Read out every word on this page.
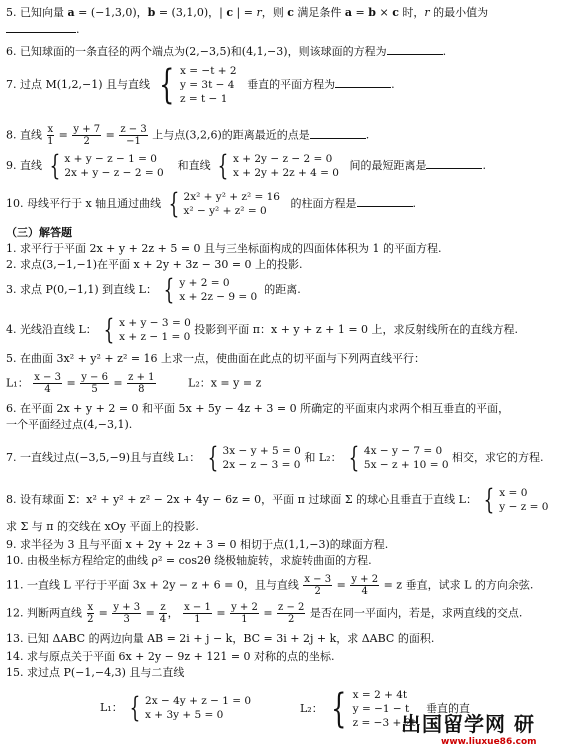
5. 已知向量 a = (−1,3,0)，b = (3,1,0)，| c | = r，则 c 满足条件 a = b × c 时，r 的最小值为
.
6. 已知球面的一条直径的两个端点为(2,−3,5)和(4,1,−3)，则该球面的方程为	.
7. 过点 M(1,2,−1) 且与直线 { x = −t + 2
y = 3t − 4
z = t − 1
垂直的平面方程为	.
8. 直线 $\frac{x}{1} = \frac{y + 7}{2} = \frac{z - 3}{-1}$ 上与点(3,2,6)的距离最近的点是	.
9. 直线 { x + y − z − 1 = 0
2x + y − z − 2 = 0
和直线 { x + 2y − z − 2 = 0
x + 2y + 2z + 4 = 0
间的最短距离是	.
10. 母线平行于 x 轴且通过曲线 { 2x² + y² + z² = 16
x² − y² + z² = 0
的柱面方程是	.
（三）解答题
1. 求平行于平面 2x + y + 2z + 5 = 0 且与三坐标面构成的四面体体积为 1 的平面方程.
2. 求点(3,−1,−1)在平面 x + 2y + 3z − 30 = 0 上的投影.
3. 求点 P(0,−1,1) 到直线 L： { y + 2 = 0
x + 2z − 9 = 0
的距离.
4. 光线沿直线 L： { x + y − 3 = 0
x + z − 1 = 0
投影到平面 π：x + y + z + 1 = 0 上，求反射线所在的直线方程.
5. 在曲面 3x² + y² + z² = 16 上求一点，使曲面在此点的切平面与下列两直线平行：
L₁： $\frac{x - 3}{4} = \frac{y - 6}{5} = \frac{z + 1}{8}$	L₂：x = y = z
6. 在平面 2x + y + 2 = 0 和平面 5x + 5y − 4z + 3 = 0 所确定的平面束内求两个相互垂直的平面，
一个平面经过点(4,−3,1).
7. 一直线过点(−3,5,−9)且与直线 L₁： { 3x − y + 5 = 0
2x − z − 3 = 0
和 L₂： { 4x − y − 7 = 0
5x − z + 10 = 0
相交，求它的方程.
8. 设有球面 Σ：x² + y² + z² − 2x + 4y − 6z = 0，平面 π 过球面 Σ 的球心且垂直于直线 L： { x = 0
y − z = 0
求 Σ 与 π 的交线在 xOy 平面上的投影.
9. 求半径为 3 且与平面 x + 2y + 2z + 3 = 0 相切于点(1,1,−3)的球面方程.
10. 由极坐标方程给定的曲线 ρ² = cos2θ 绕极轴旋转，求旋转曲面的方程.
11. 一直线 L 平行于平面 3x + 2y − z + 6 = 0，且与直线 $\frac{x - 3}{2} = \frac{y + 2}{4} = z$ 垂直，试求 L 的方向余弦.
12. 判断两直线 $\frac{x}{2} = \frac{y + 3}{3} = \frac{z}{4}$ ， $\frac{x - 1}{1} = \frac{y + 2}{1} = \frac{z - 2}{2}$ 是否在同一平面内，若是，求两直线的交点.
13. 已知 ΔABC 的两边向量 AB = 2i + j − k，BC = 3i + 2j + k，求 ΔABC 的面积.
14. 求与原点关于平面 6x + 2y − 9z + 121 = 0 对称的点的坐标.
15. 求过点 P(−1,−4,3) 且与二直线
L₁： { 2x − 4y + z − 1 = 0
x + 3y + 5 = 0	L₂： { x = 2 + 4t
y = −1 − t
z = −3 + 2t
垂直的直
出国留学网 研
www.liuxue86.com
